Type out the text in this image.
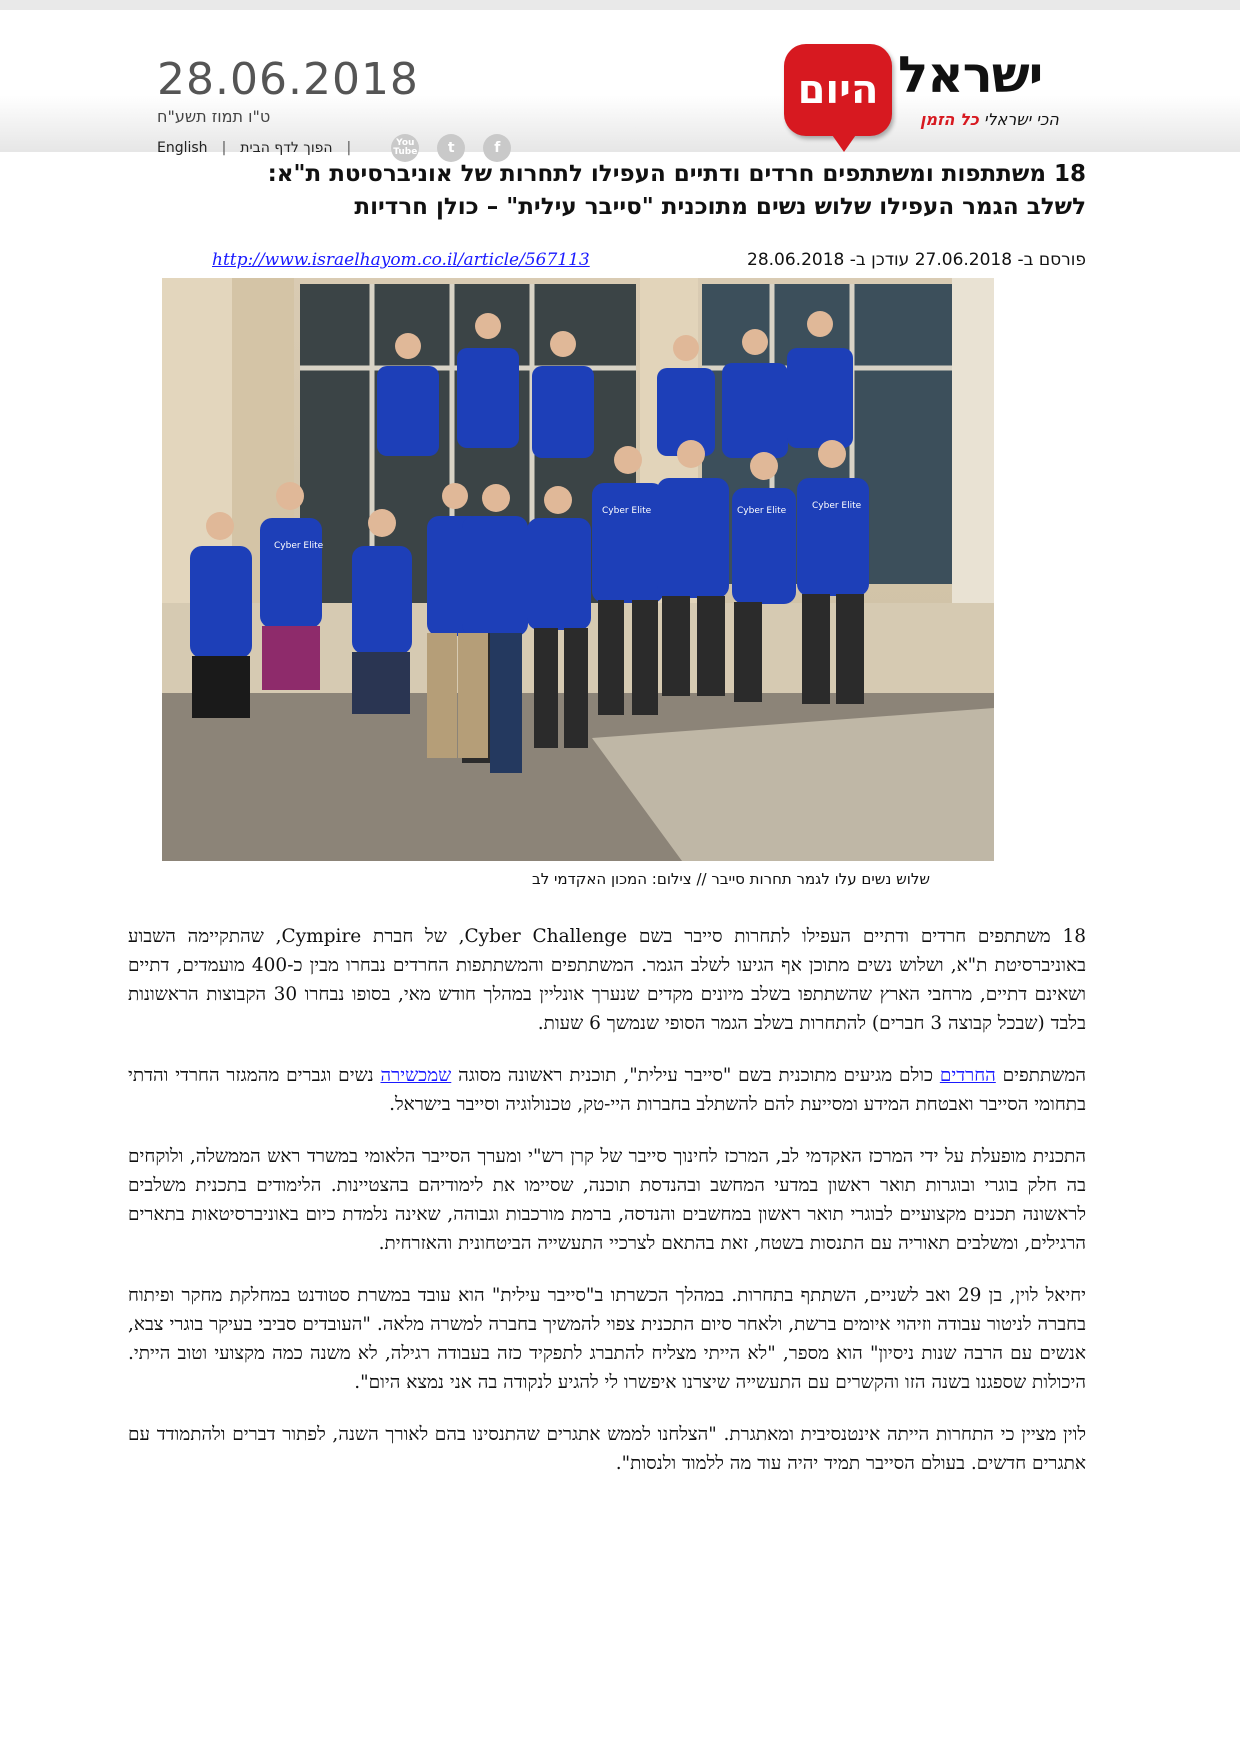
28.06.2018
ט"ו תמוז תשע"ח
English | הפוך לדף הבית |	You Tube	t	f
היום ישראל
הכי ישראלי כל הזמן
18 משתתפות ומשתתפים חרדים ודתיים העפילו לתחרות של אוניברסיטת ת"א:
לשלב הגמר העפילו שלוש נשים מתוכנית "סייבר עילית" – כולן חרדיות
פורסם ב- 27.06.2018 עודכן ב- 28.06.2018
http://www.israelhayom.co.il/article/567113
Cyber Elite
Cyber Elite	Cyber Elite
Cyber Elite
שלוש נשים עלו לגמר תחרות סייבר // צילום: המכון האקדמי לב

18 משתתפים חרדים ודתיים העפילו לתחרות סייבר בשם Cyber Challenge, של חברת Cympire, שהתקיימה השבוע באוניברסיטת ת"א, ושלוש נשים מתוכן אף הגיעו לשלב הגמר. המשתתפים והמשתתפות החרדים נבחרו מבין כ-400 מועמדים, דתיים ושאינם דתיים, מרחבי הארץ שהשתתפו בשלב מיונים מקדים שנערך אונליין במהלך חודש מאי, בסופו נבחרו 30 הקבוצות הראשונות בלבד (שבכל קבוצה 3 חברים) להתחרות בשלב הגמר הסופי שנמשך 6 שעות.

המשתתפים החרדים כולם מגיעים מתוכנית בשם "סייבר עילית", תוכנית ראשונה מסוגה שמכשירה נשים וגברים מהמגזר החרדי והדתי בתחומי הסייבר ואבטחת המידע ומסייעת להם להשתלב בחברות היי-טק, טכנולוגיה וסייבר בישראל.

התכנית מופעלת על ידי המרכז האקדמי לב, המרכז לחינוך סייבר של קרן רש"י ומערך הסייבר הלאומי במשרד ראש הממשלה, ולוקחים בה חלק בוגרי ובוגרות תואר ראשון במדעי המחשב ובהנדסת תוכנה, שסיימו את לימודיהם בהצטיינות. הלימודים בתכנית משלבים לראשונה תכנים מקצועיים לבוגרי תואר ראשון במחשבים והנדסה, ברמת מורכבות וגבוהה, שאינה נלמדת כיום באוניברסיטאות בתארים הרגילים, ומשלבים תאוריה עם התנסות בשטח, זאת בהתאם לצרכיי התעשייה הביטחונית והאזרחית.

יחיאל לוין, בן 29 ואב לשניים, השתתף בתחרות. במהלך הכשרתו ב"סייבר עילית" הוא עובד במשרת סטודנט במחלקת מחקר ופיתוח בחברה לניטור עבודה וזיהוי איומים ברשת, ולאחר סיום התכנית צפוי להמשיך בחברה למשרה מלאה. "העובדים סביבי בעיקר בוגרי צבא, אנשים עם הרבה שנות ניסיון" הוא מספר, "לא הייתי מצליח להתברג לתפקיד כזה בעבודה רגילה, לא משנה כמה מקצועי וטוב הייתי. היכולות שספגנו בשנה הזו והקשרים עם התעשייה שיצרנו איפשרו לי להגיע לנקודה בה אני נמצא היום".

לוין מציין כי התחרות הייתה אינטנסיבית ומאתגרת. "הצלחנו לממש אתגרים שהתנסינו בהם לאורך השנה, לפתור דברים ולהתמודד עם אתגרים חדשים. בעולם הסייבר תמיד יהיה עוד מה ללמוד ולנסות".
